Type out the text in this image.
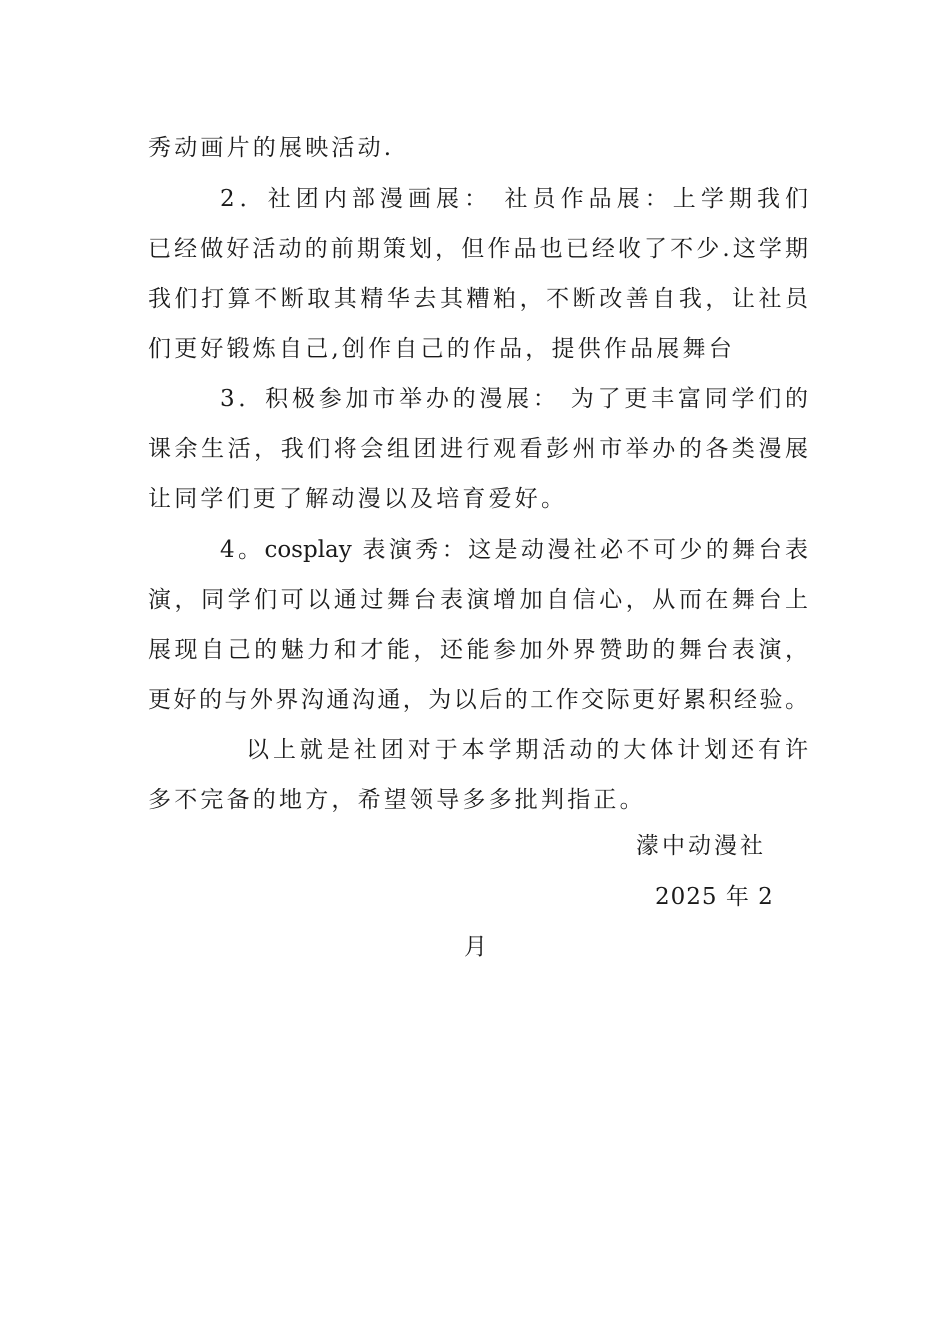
秀动画片的展映活动.
2．社团内部漫画展： 社员作品展：上学期我们
已经做好活动的前期策划，但作品也已经收了不少.这学期
我们打算不断取其精华去其糟粕，不断改善自我，让社员
们更好锻炼自己,创作自己的作品，提供作品展舞台
3．积极参加市举办的漫展： 为了更丰富同学们的
课余生活，我们将会组团进行观看彭州市举办的各类漫展
让同学们更了解动漫以及培育爱好。
4。cosplay 表演秀：这是动漫社必不可少的舞台表
演，同学们可以通过舞台表演增加自信心，从而在舞台上
展现自己的魅力和才能，还能参加外界赞助的舞台表演，
更好的与外界沟通沟通，为以后的工作交际更好累积经验。
以上就是社团对于本学期活动的大体计划还有许
多不完备的地方，希望领导多多批判指正。
濛中动漫社
2025 年 2
月
